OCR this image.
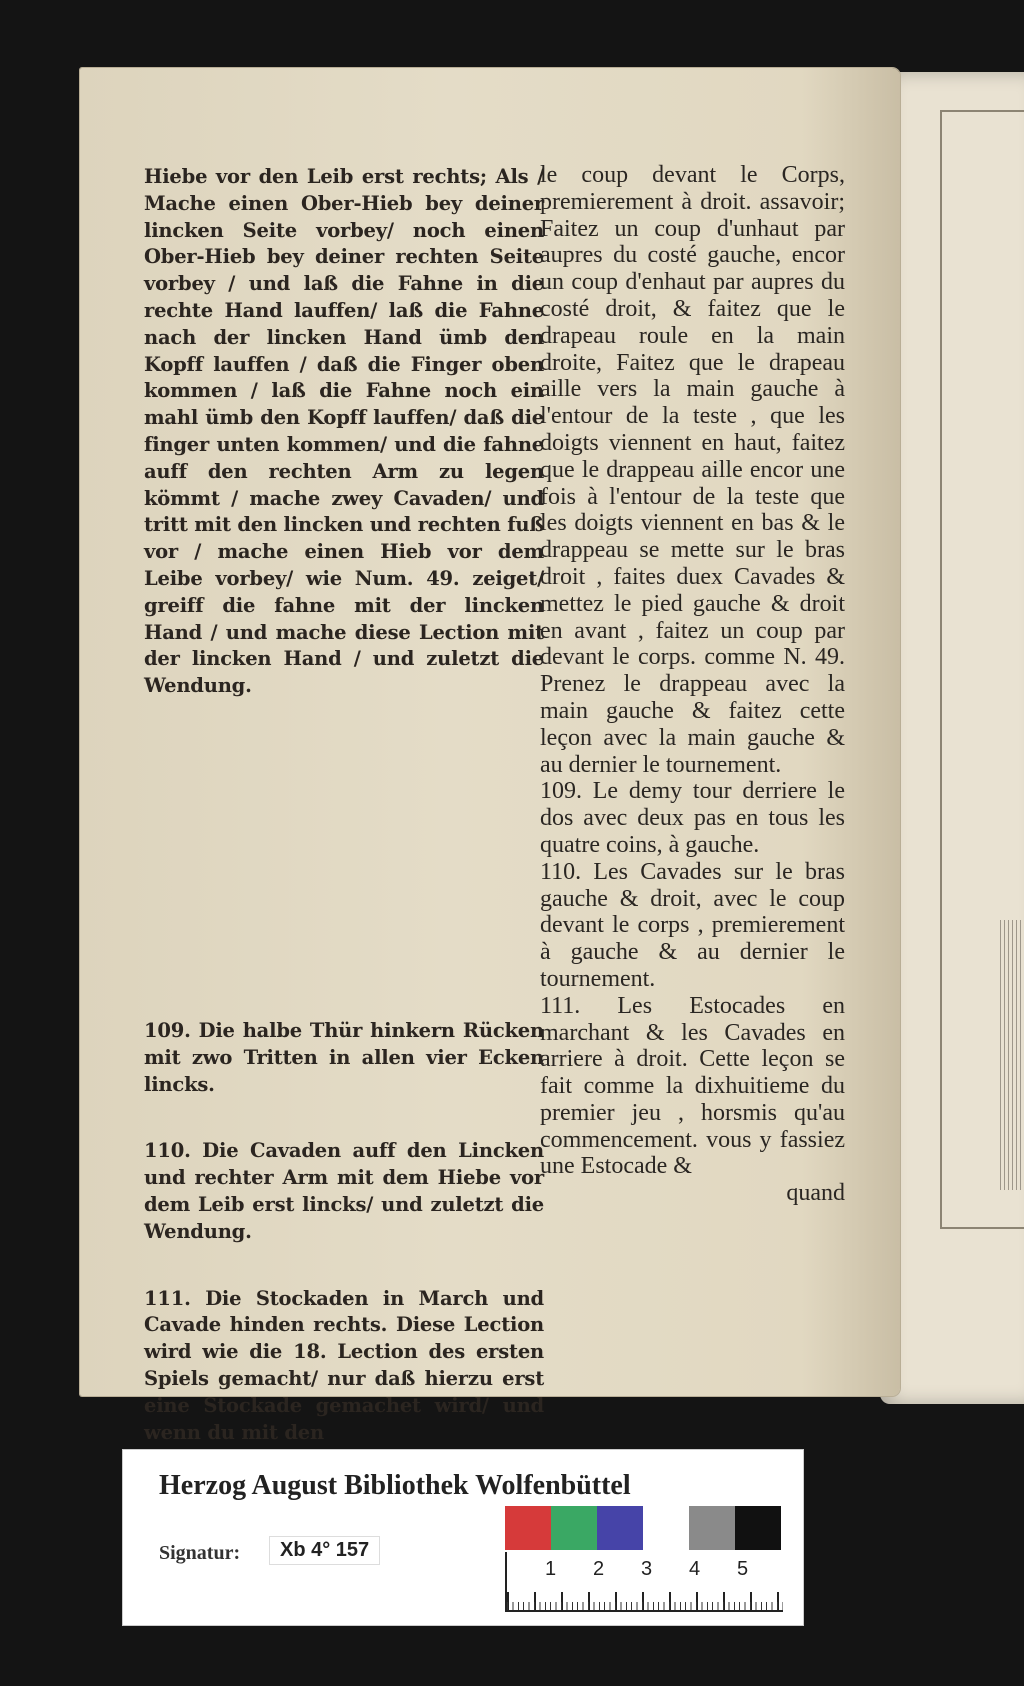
Hiebe vor den Leib erst rechts; Als / Mache einen Ober-Hieb bey deiner lincken Seite vorbey/ noch einen Ober-Hieb bey deiner rechten Seite vorbey / und laß die Fahne in die rechte Hand lauffen/ laß die Fahne nach der lincken Hand ümb den Kopff lauffen / daß die Finger oben kommen / laß die Fahne noch ein mahl ümb den Kopff lauffen/ daß die finger unten kommen/ und die fahne auff den rechten Arm zu legen kömmt / mache zwey Cavaden/ und tritt mit den lincken und rechten fuß vor / mache einen Hieb vor dem Leibe vorbey/ wie Num. 49. zeiget/ greiff die fahne mit der lincken Hand / und mache diese Lection mit der lincken Hand / und zuletzt die Wendung.

109. Die halbe Thür hinkern Rücken mit zwo Tritten in allen vier Ecken lincks.

110. Die Cavaden auff den Lincken und rechter Arm mit dem Hiebe vor dem Leib erst lincks/ und zuletzt die Wendung.

111. Die Stockaden in March und Cavade hinden rechts. Diese Lection wird wie die 18. Lection des ersten Spiels gemacht/ nur daß hierzu erst eine Stockade gemachet wird/ und wenn du mit den

le coup devant le Corps, premierement à droit. assavoir; Faitez un coup d'unhaut par aupres du costé gauche, encor un coup d'enhaut par aupres du costé droit, & faitez que le drapeau roule en la main droite, Faitez que le drapeau aille vers la main gauche à l'entour de la teste , que les doigts viennent en haut, faitez que le drappeau aille encor une fois à l'entour de la teste que les doigts viennent en bas & le drappeau se mette sur le bras droit , faites duex Cavades & mettez le pied gauche & droit en avant , faitez un coup par devant le corps. comme N. 49. Prenez le drappeau avec la main gauche & faitez cette leçon avec la main gauche & au dernier le tournement.

109. Le demy tour derriere le dos avec deux pas en tous les quatre coins, à gauche.

110. Les Cavades sur le bras gauche & droit, avec le coup devant le corps , premierement à gauche & au dernier le tournement.

111. Les Estocades en marchant & les Cavades en arriere à droit. Cette leçon se fait comme la dixhuitieme du premier jeu , horsmis qu'au commencement. vous y fassiez une Estocade &

quand

Herzog August Bibliothek Wolfenbüttel
Signatur:	Xb 4° 157
1 2 3 4 5
